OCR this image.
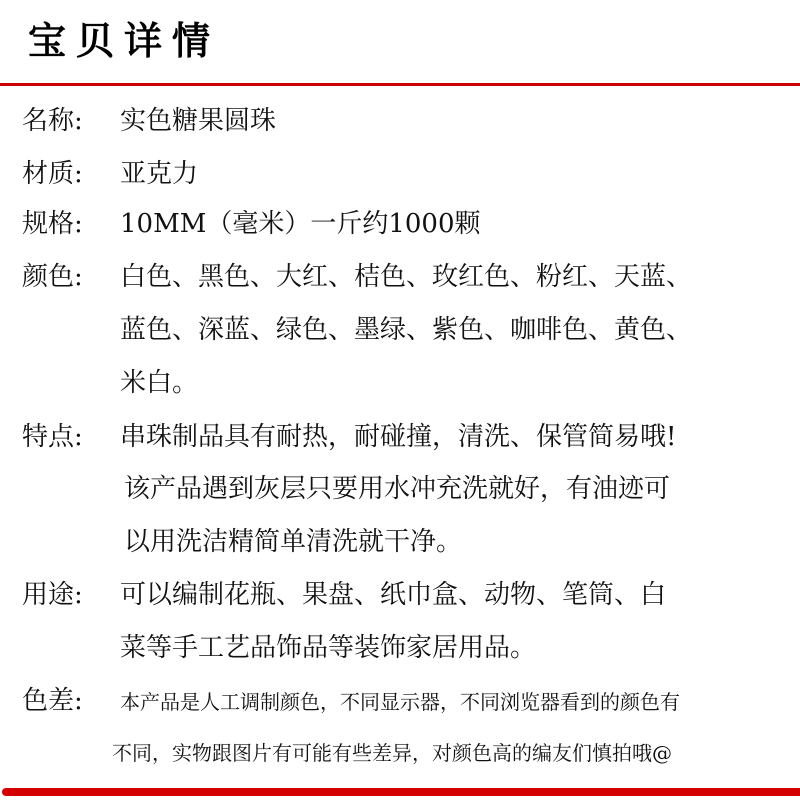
宝贝详情
名称: 实色糖果圆珠
材质: 亚克力
规格: 10MM（毫米）一斤约1000颗
颜色: 白色、黑色、大红、桔色、玫红色、粉红、天蓝、
蓝色、深蓝、绿色、墨绿、紫色、咖啡色、黄色、
米白。
特点: 串珠制品具有耐热，耐碰撞，清洗、保管简易哦!
该产品遇到灰层只要用水冲充洗就好，有油迹可
以用洗洁精简单清洗就干净。
用途: 可以编制花瓶、果盘、纸巾盒、动物、笔筒、白
菜等手工艺品饰品等装饰家居用品。
色差: 本产品是人工调制颜色，不同显示器，不同浏览器看到的颜色有
不同，实物跟图片有可能有些差异，对颜色高的编友们慎拍哦@
